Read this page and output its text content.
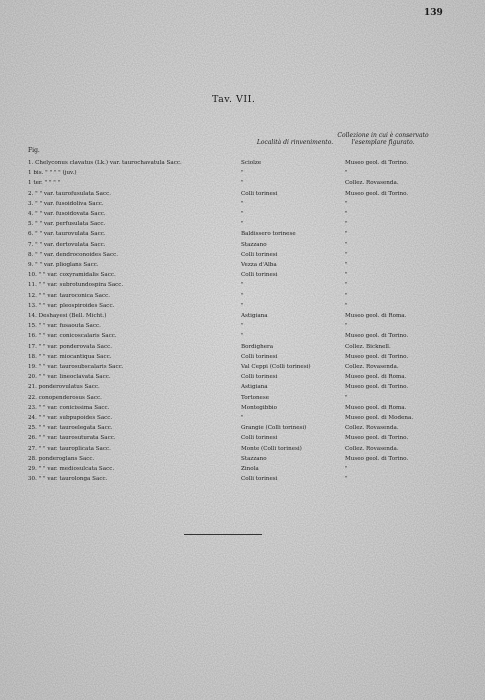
139
Tav. VII.
Fig.
Località di rinvenimento.
Collezione in cui è conservato l'esemplare figurato.
1. Chelyconus clavatus (Lk.) var. taurochavatula Sacc.	Sciolze	Museo geol. di Torino.
1 bis. " " " " (juv.)	"	"
1 ter. " " " "	"	Collez. Rovasenda.
2. " " var. taurofusulata Sacc.	Colli torinesi	Museo geol. di Torino.
3. " " var. fusoidoliva Sacc.	"	"
4. " " var. fusoidovata Sacc.	"	"
5. " " var. perfusulata Sacc.	"	"
6. " " var. taurovulata Sacc.	Baldissero torinese	"
7. " " var. dertovulata Sacc.	Stazzano	"
8. " " var. dendroconoides Sacc.	Colli torinesi	"
9. " " var. plioglans Sacc.	Vezza d'Alba	"
10. " " var. coxyramidalis Sacc.	Colli torinesi	"
11. " " var. subrotundospira Sacc.	"	"
12. " " var. tauroconica Sacc.	"	"
13. " " var. pleospiroides Sacc.	"	"
14. Deshayesi (Bell. Micht.)	Astigiana	Museo geol. di Roma.
15. " " var. fusaouta Sacc.	"	"
16. " " var. conicoscalaris Sacc.	"	Museo geol. di Torino.
17. " " var. ponderovata Sacc.	Bordighera	Collez. Bicknell.
18. " " var. miocantiqua Sacc.	Colli torinesi	Museo geol. di Torino.
19. " " var. taurosubscalaris Sacc.	Val Ceppi (Colli torinesi)	Collez. Rovasenda.
20. " " var. lineoclavata Sacc.	Colli torinesi	Museo geol. di Roma.
21. ponderovulatus Sacc.	Astigiana	Museo geol. di Torino.
22. conopenderosus Sacc.	Tortonese	"
23. " " var. conicissima Sacc.	Montegibbio	Museo geol. di Roma.
24. " " var. subpupoides Sacc.	"	Museo geol. di Modena.
25. " " var. tauroelegata Sacc.	Grangie (Colli torinesi)	Collez. Rovasenda.
26. " " var. taurosuturata Sacc.	Colli torinesi	Museo geol. di Torino.
27. " " var. tauroplicata Sacc.	Monte (Colli torinesi)	Collez. Rovasenda.
28. ponderoglans Sacc.	Stazzano	Museo geol. di Torino.
29. " " var. mediosulcata Sacc.	Zinola	"
30. " " var. taurolonga Sacc.	Colli torinesi	"
